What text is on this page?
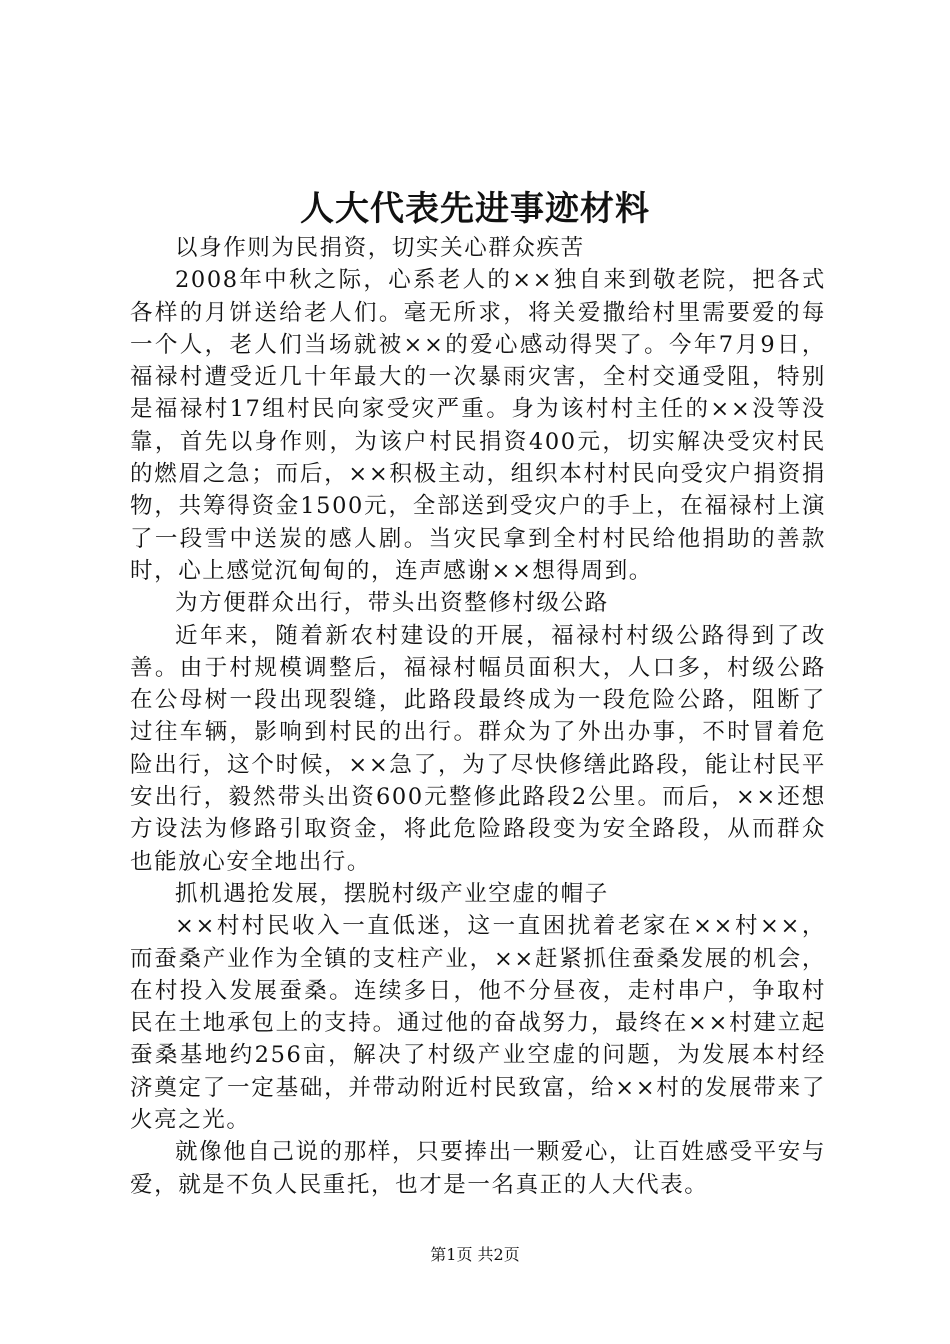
人大代表先进事迹材料

以身作则为民捐资，切实关心群众疾苦

2008年中秋之际，心系老人的××独自来到敬老院，把各式各样的月饼送给老人们。毫无所求，将关爱撒给村里需要爱的每一个人，老人们当场就被××的爱心感动得哭了。今年7月9日，福禄村遭受近几十年最大的一次暴雨灾害，全村交通受阻，特别是福禄村17组村民向家受灾严重。身为该村村主任的××没等没靠，首先以身作则，为该户村民捐资400元，切实解决受灾村民的燃眉之急；而后，××积极主动，组织本村村民向受灾户捐资捐物，共筹得资金1500元，全部送到受灾户的手上，在福禄村上演了一段雪中送炭的感人剧。当灾民拿到全村村民给他捐助的善款时，心上感觉沉甸甸的，连声感谢××想得周到。

为方便群众出行，带头出资整修村级公路

近年来，随着新农村建设的开展，福禄村村级公路得到了改善。由于村规模调整后，福禄村幅员面积大，人口多，村级公路在公母树一段出现裂缝，此路段最终成为一段危险公路，阻断了过往车辆，影响到村民的出行。群众为了外出办事，不时冒着危险出行，这个时候，××急了，为了尽快修缮此路段，能让村民平安出行，毅然带头出资600元整修此路段2公里。而后，××还想方设法为修路引取资金，将此危险路段变为安全路段，从而群众也能放心安全地出行。

抓机遇抢发展，摆脱村级产业空虚的帽子

××村村民收入一直低迷，这一直困扰着老家在××村××，而蚕桑产业作为全镇的支柱产业，××赶紧抓住蚕桑发展的机会，在村投入发展蚕桑。连续多日，他不分昼夜，走村串户，争取村民在土地承包上的支持。通过他的奋战努力，最终在××村建立起蚕桑基地约256亩，解决了村级产业空虚的问题，为发展本村经济奠定了一定基础，并带动附近村民致富，给××村的发展带来了火亮之光。

就像他自己说的那样，只要捧出一颗爱心，让百姓感受平安与爱，就是不负人民重托，也才是一名真正的人大代表。

第1页 共2页
